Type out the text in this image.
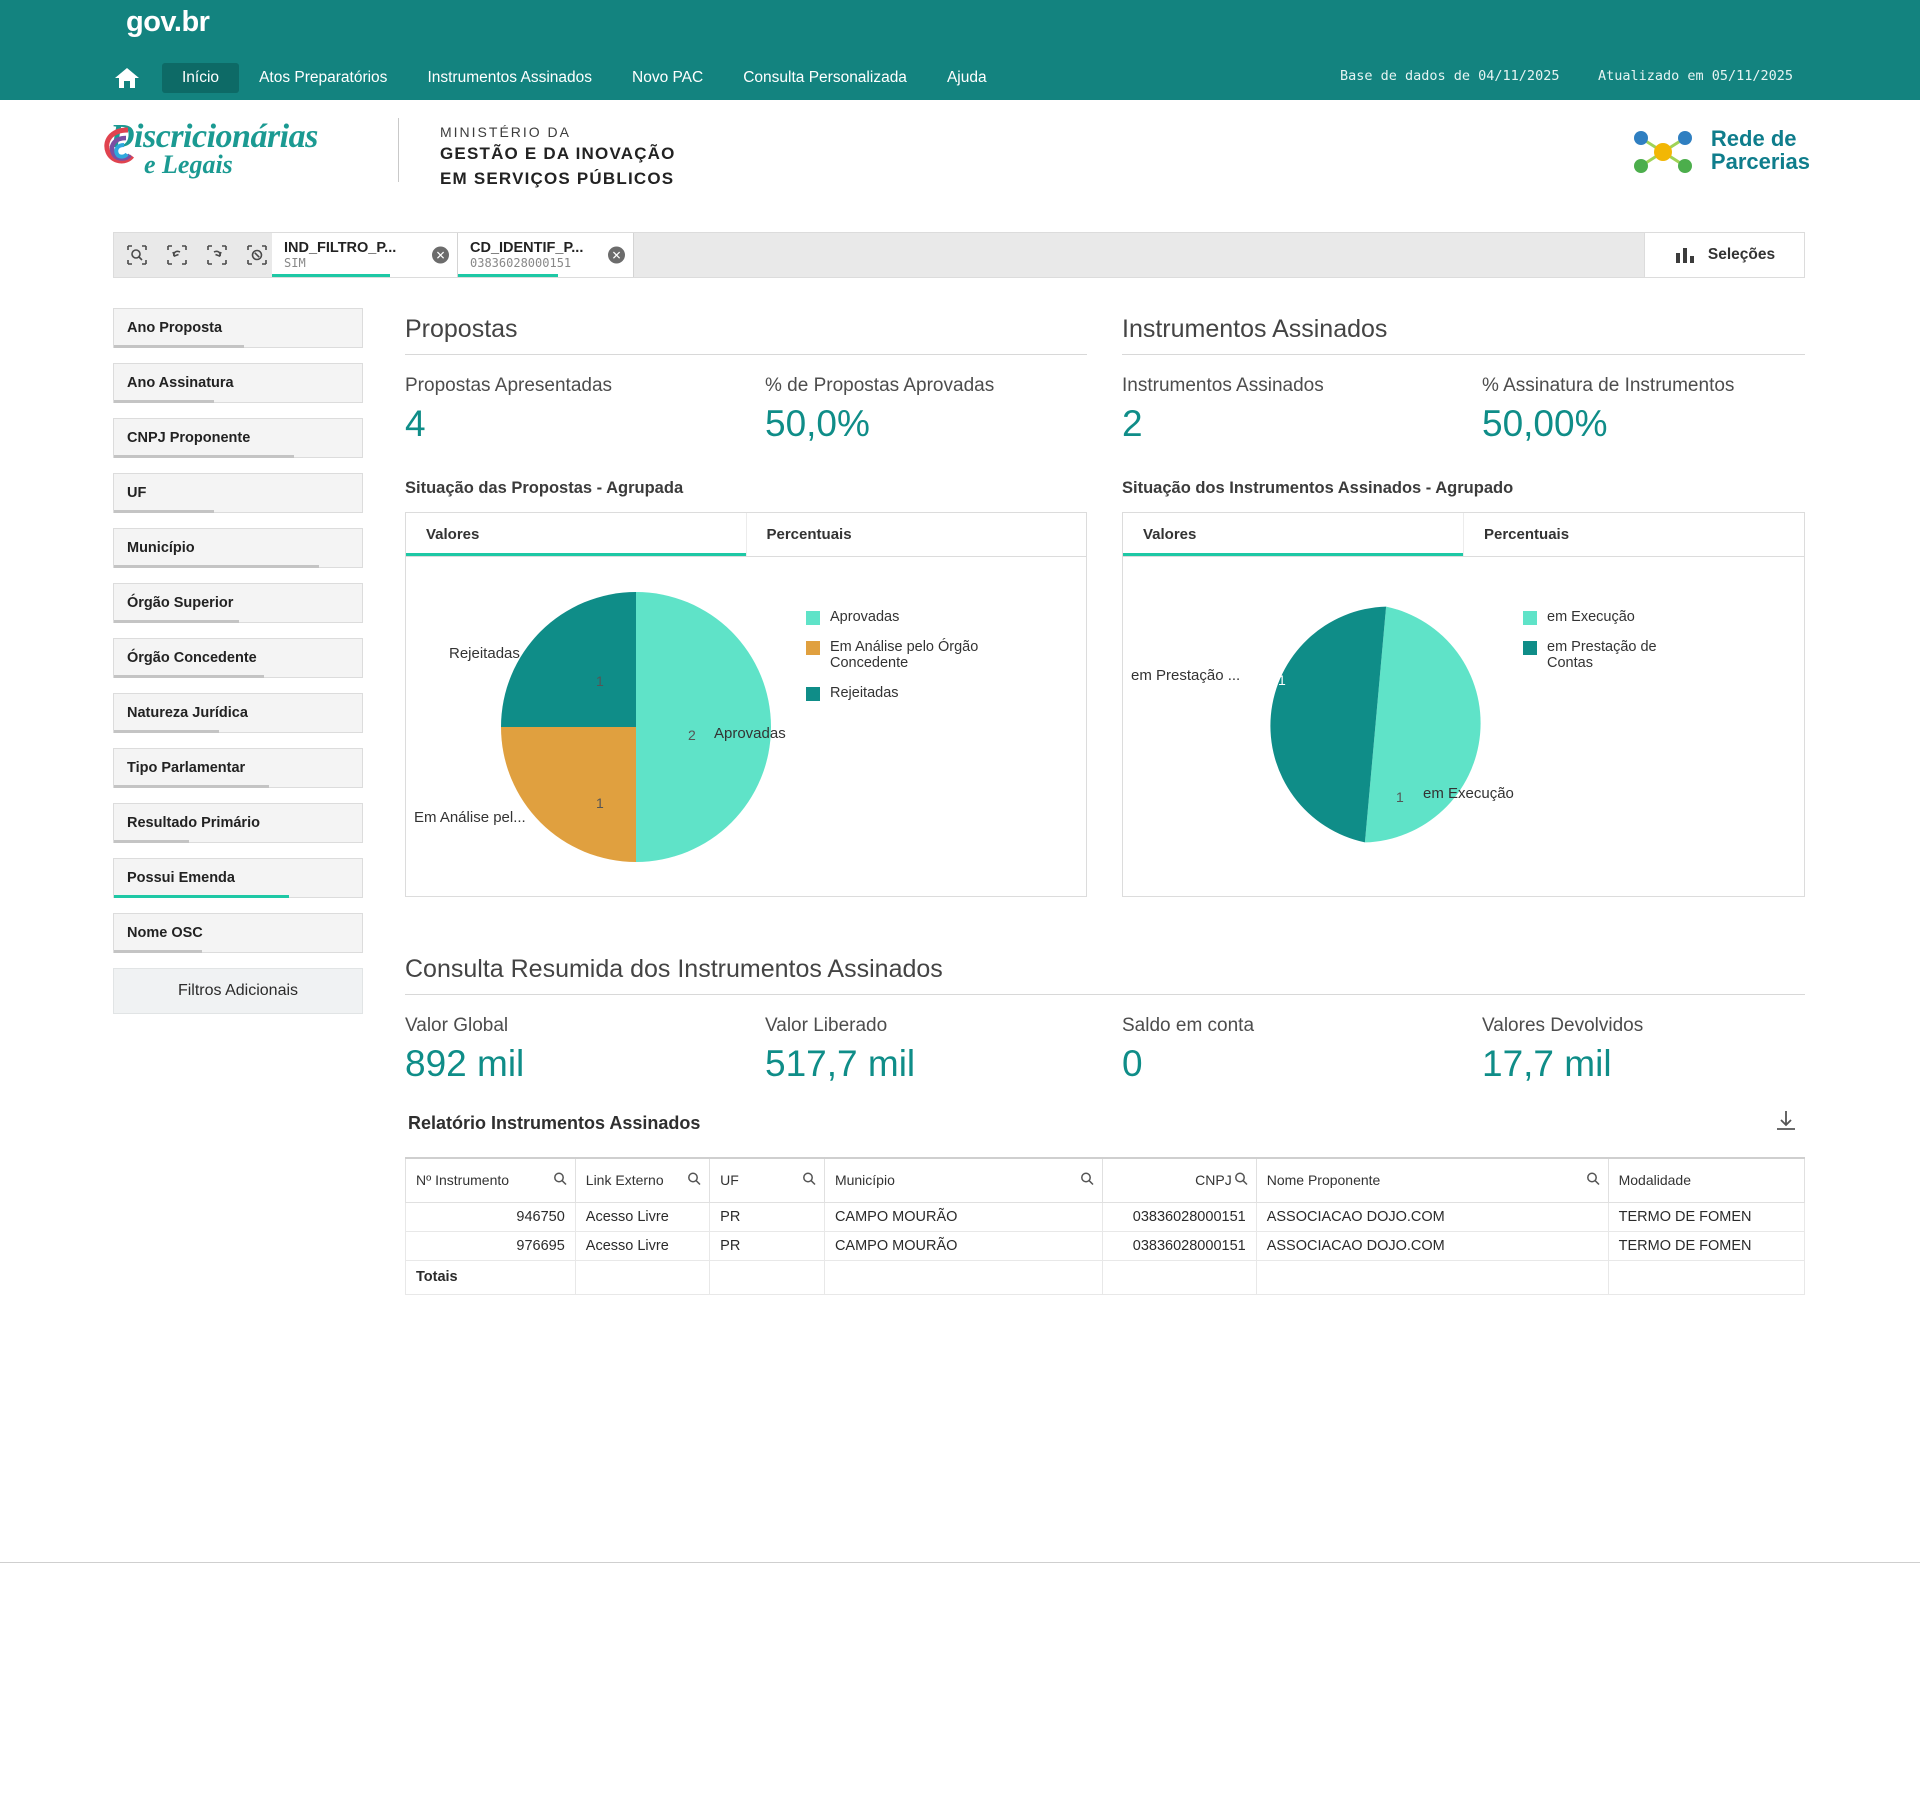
gov.br
Início	Atos Preparatórios	Instrumentos Assinados	Novo PAC	Consulta Personalizada	Ajuda	Base de dados de 04/11/2025	Atualizado em 05/11/2025
Discricionárias
e Legais
MINISTÉRIO DA
GESTÃO E DA INOVAÇÃO
EM SERVIÇOS PÚBLICOS
Rede de
Parcerias
IND_FILTRO_P...
SIM
✕ CD_IDENTIF_P...
03836028000151
✕	Seleções
Ano Proposta
Ano Assinatura
CNPJ Proponente
UF
Município
Órgão Superior
Órgão Concedente
Natureza Jurídica
Tipo Parlamentar
Resultado Primário
Possui Emenda
Nome OSC
Filtros Adicionais
Propostas
Propostas Apresentadas
4
% de Propostas Aprovadas
50,0%
Situação das Propostas - Agrupada
Valores	Percentuais
1
Rejeitadas
1
Em Análise pel...
2 Aprovadas
Aprovadas
Em Análise pelo Órgão Concedente
Rejeitadas
Instrumentos Assinados
Instrumentos Assinados
2
% Assinatura de Instrumentos
50,00%
Situação dos Instrumentos Assinados - Agrupado
Valores	Percentuais
1
em Prestação ...
1 em Execução
em Execução
em Prestação de Contas
Consulta Resumida dos Instrumentos Assinados
Valor Global
892 mil
Valor Liberado
517,7 mil
Saldo em conta
0
Valores Devolvidos
17,7 mil
Relatório Instrumentos Assinados
Nº Instrumento	Link Externo	UF	Município	CNPJ	Nome Proponente	Modalidade

946750	Acesso Livre	PR	CAMPO MOURÃO	03836028000151	ASSOCIACAO DOJO.COM	TERMO DE FOMEN
976695	Acesso Livre	PR	CAMPO MOURÃO	03836028000151	ASSOCIACAO DOJO.COM	TERMO DE FOMEN
Totais						
